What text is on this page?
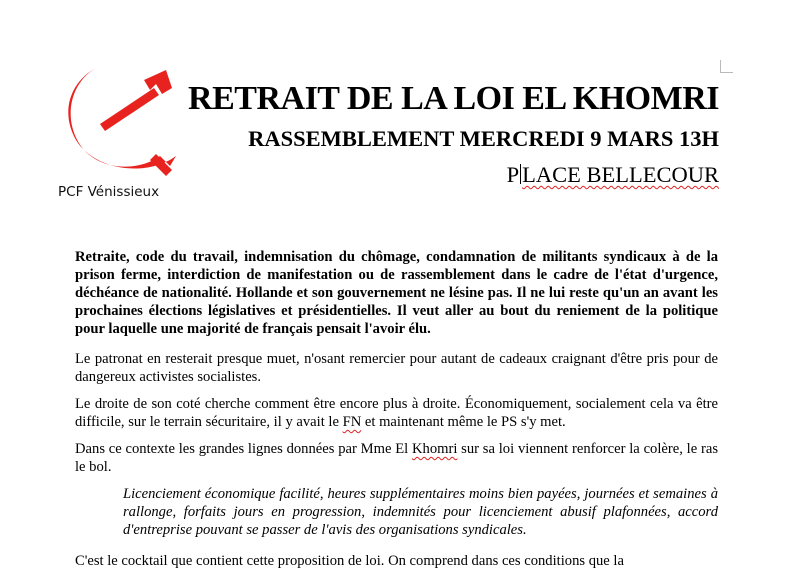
PCF Vénissieux
RETRAIT DE LA LOI EL KHOMRI
RASSEMBLEMENT MERCREDI 9 MARS 13H
P LACE BELLECOUR

Retraite, code du travail, indemnisation du chômage, condamnation de militants syndicaux à de la prison ferme, interdiction de manifestation ou de rassemblement dans le cadre de l'état d'urgence, déchéance de nationalité. Hollande et son gouvernement ne lésine pas. Il ne lui reste qu'un an avant les prochaines élections législatives et présidentielles. Il veut aller au bout du reniement de la politique pour laquelle une majorité de français pensait l'avoir élu.

Le patronat en resterait presque muet, n'osant remercier pour autant de cadeaux craignant d'être pris pour de dangereux activistes socialistes.

Le droite de son coté cherche comment être encore plus à droite. Économiquement, socialement cela va être difficile, sur le terrain sécuritaire, il y avait le FN et maintenant même le PS s'y met.

Dans ce contexte les grandes lignes données par Mme El Khomri sur sa loi viennent renforcer la colère, le ras le bol.

Licenciement économique facilité, heures supplémentaires moins bien payées, journées et semaines à rallonge, forfaits jours en progression, indemnités pour licenciement abusif plafonnées, accord d'entreprise pouvant se passer de l'avis des organisations syndicales.

C'est le cocktail que contient cette proposition de loi. On comprend dans ces conditions que la
